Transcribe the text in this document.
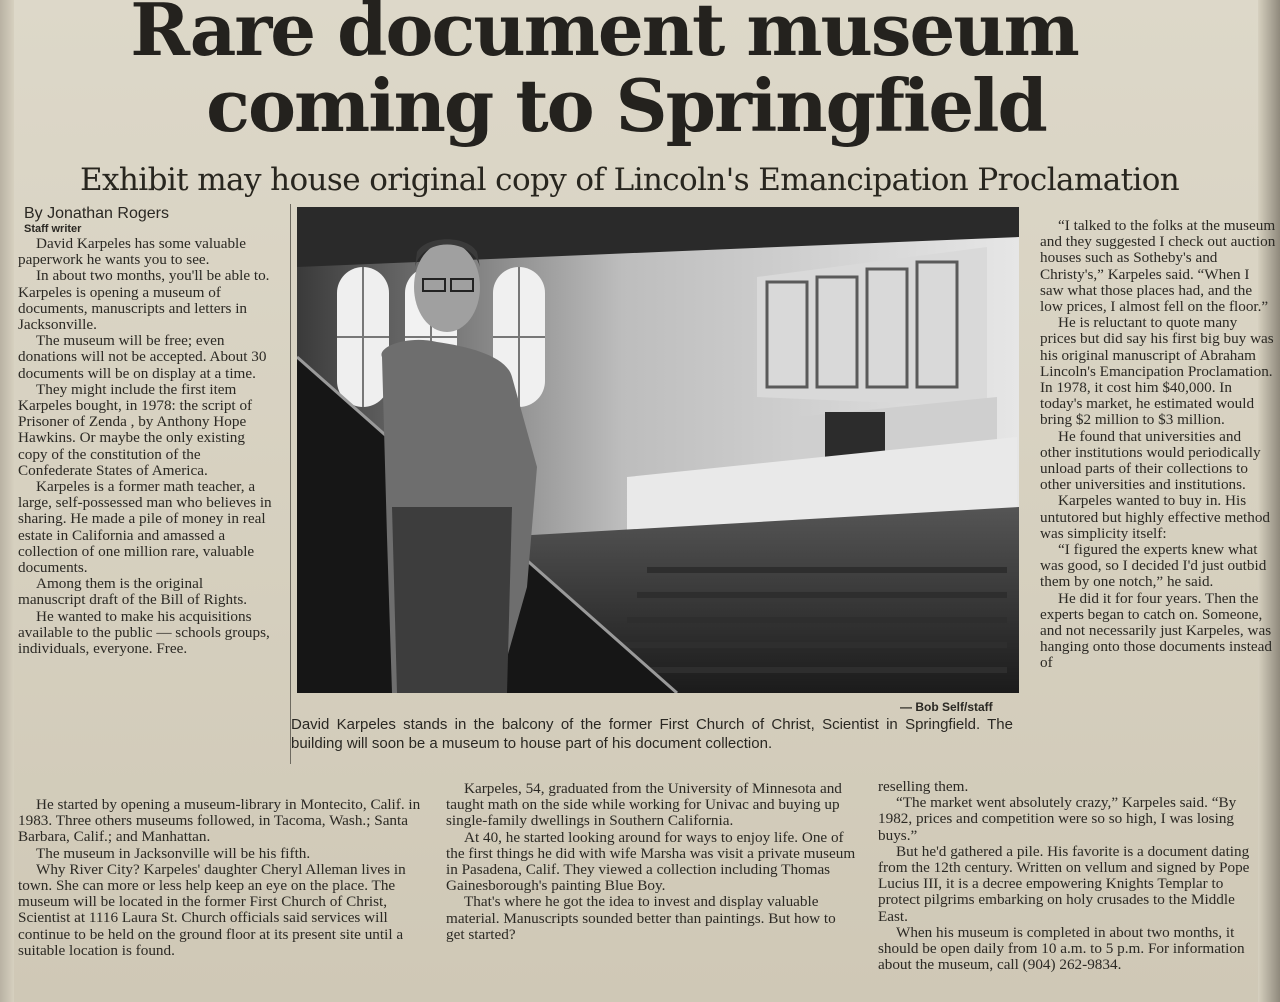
Rare document museum
coming to Springfield
Exhibit may house original copy of Lincoln's Emancipation Proclamation
By Jonathan Rogers
Staff writer

David Karpeles has some valuable paperwork he wants you to see.

In about two months, you'll be able to. Karpeles is opening a museum of documents, manuscripts and letters in Jacksonville.

The museum will be free; even donations will not be accepted. About 30 documents will be on display at a time.

They might include the first item Karpeles bought, in 1978: the script of Prisoner of Zenda , by Anthony Hope Hawkins. Or maybe the only existing copy of the constitution of the Confederate States of America.

Karpeles is a former math teacher, a large, self-possessed man who believes in sharing. He made a pile of money in real estate in California and amassed a collection of one million rare, valuable documents.

Among them is the original manuscript draft of the Bill of Rights.

He wanted to make his acquisitions available to the public — schools groups, individuals, everyone. Free.

— Bob Self/staff
David Karpeles stands in the balcony of the former First Church of Christ, Scientist in Springfield. The building will soon be a museum to house part of his document collection.

“I talked to the folks at the museum and they suggested I check out auction houses such as Sotheby's and Christy's,” Karpeles said. “When I saw what those places had, and the low prices, I almost fell on the floor.”

He is reluctant to quote many prices but did say his first big buy was his original manuscript of Abraham Lincoln's Emancipation Proclamation. In 1978, it cost him $40,000. In today's market, he estimated would bring $2 million to $3 million.

He found that universities and other institutions would periodically unload parts of their collections to other universities and institutions.

Karpeles wanted to buy in. His untutored but highly effective method was simplicity itself:

“I figured the experts knew what was good, so I decided I'd just outbid them by one notch,” he said.

He did it for four years. Then the experts began to catch on. Someone, and not necessarily just Karpeles, was hanging onto those documents instead of

He started by opening a museum-library in Montecito, Calif. in 1983. Three others museums followed, in Tacoma, Wash.; Santa Barbara, Calif.; and Manhattan.

The museum in Jacksonville will be his fifth.

Why River City? Karpeles' daughter Cheryl Alleman lives in town. She can more or less help keep an eye on the place. The museum will be located in the former First Church of Christ, Scientist at 1116 Laura St. Church officials said services will continue to be held on the ground floor at its present site until a suitable location is found.

Karpeles, 54, graduated from the University of Minnesota and taught math on the side while working for Univac and buying up single-family dwellings in Southern California.

At 40, he started looking around for ways to enjoy life. One of the first things he did with wife Marsha was visit a private museum in Pasadena, Calif. They viewed a collection including Thomas Gainesborough's painting Blue Boy.

That's where he got the idea to invest and display valuable material. Manuscripts sounded better than paintings. But how to get started?

reselling them.

“The market went absolutely crazy,” Karpeles said. “By 1982, prices and competition were so so high, I was losing buys.”

But he'd gathered a pile. His favorite is a document dating from the 12th century. Written on vellum and signed by Pope Lucius III, it is a decree empowering Knights Templar to protect pilgrims embarking on holy crusades to the Middle East.

When his museum is completed in about two months, it should be open daily from 10 a.m. to 5 p.m. For information about the museum, call (904) 262-9834.
